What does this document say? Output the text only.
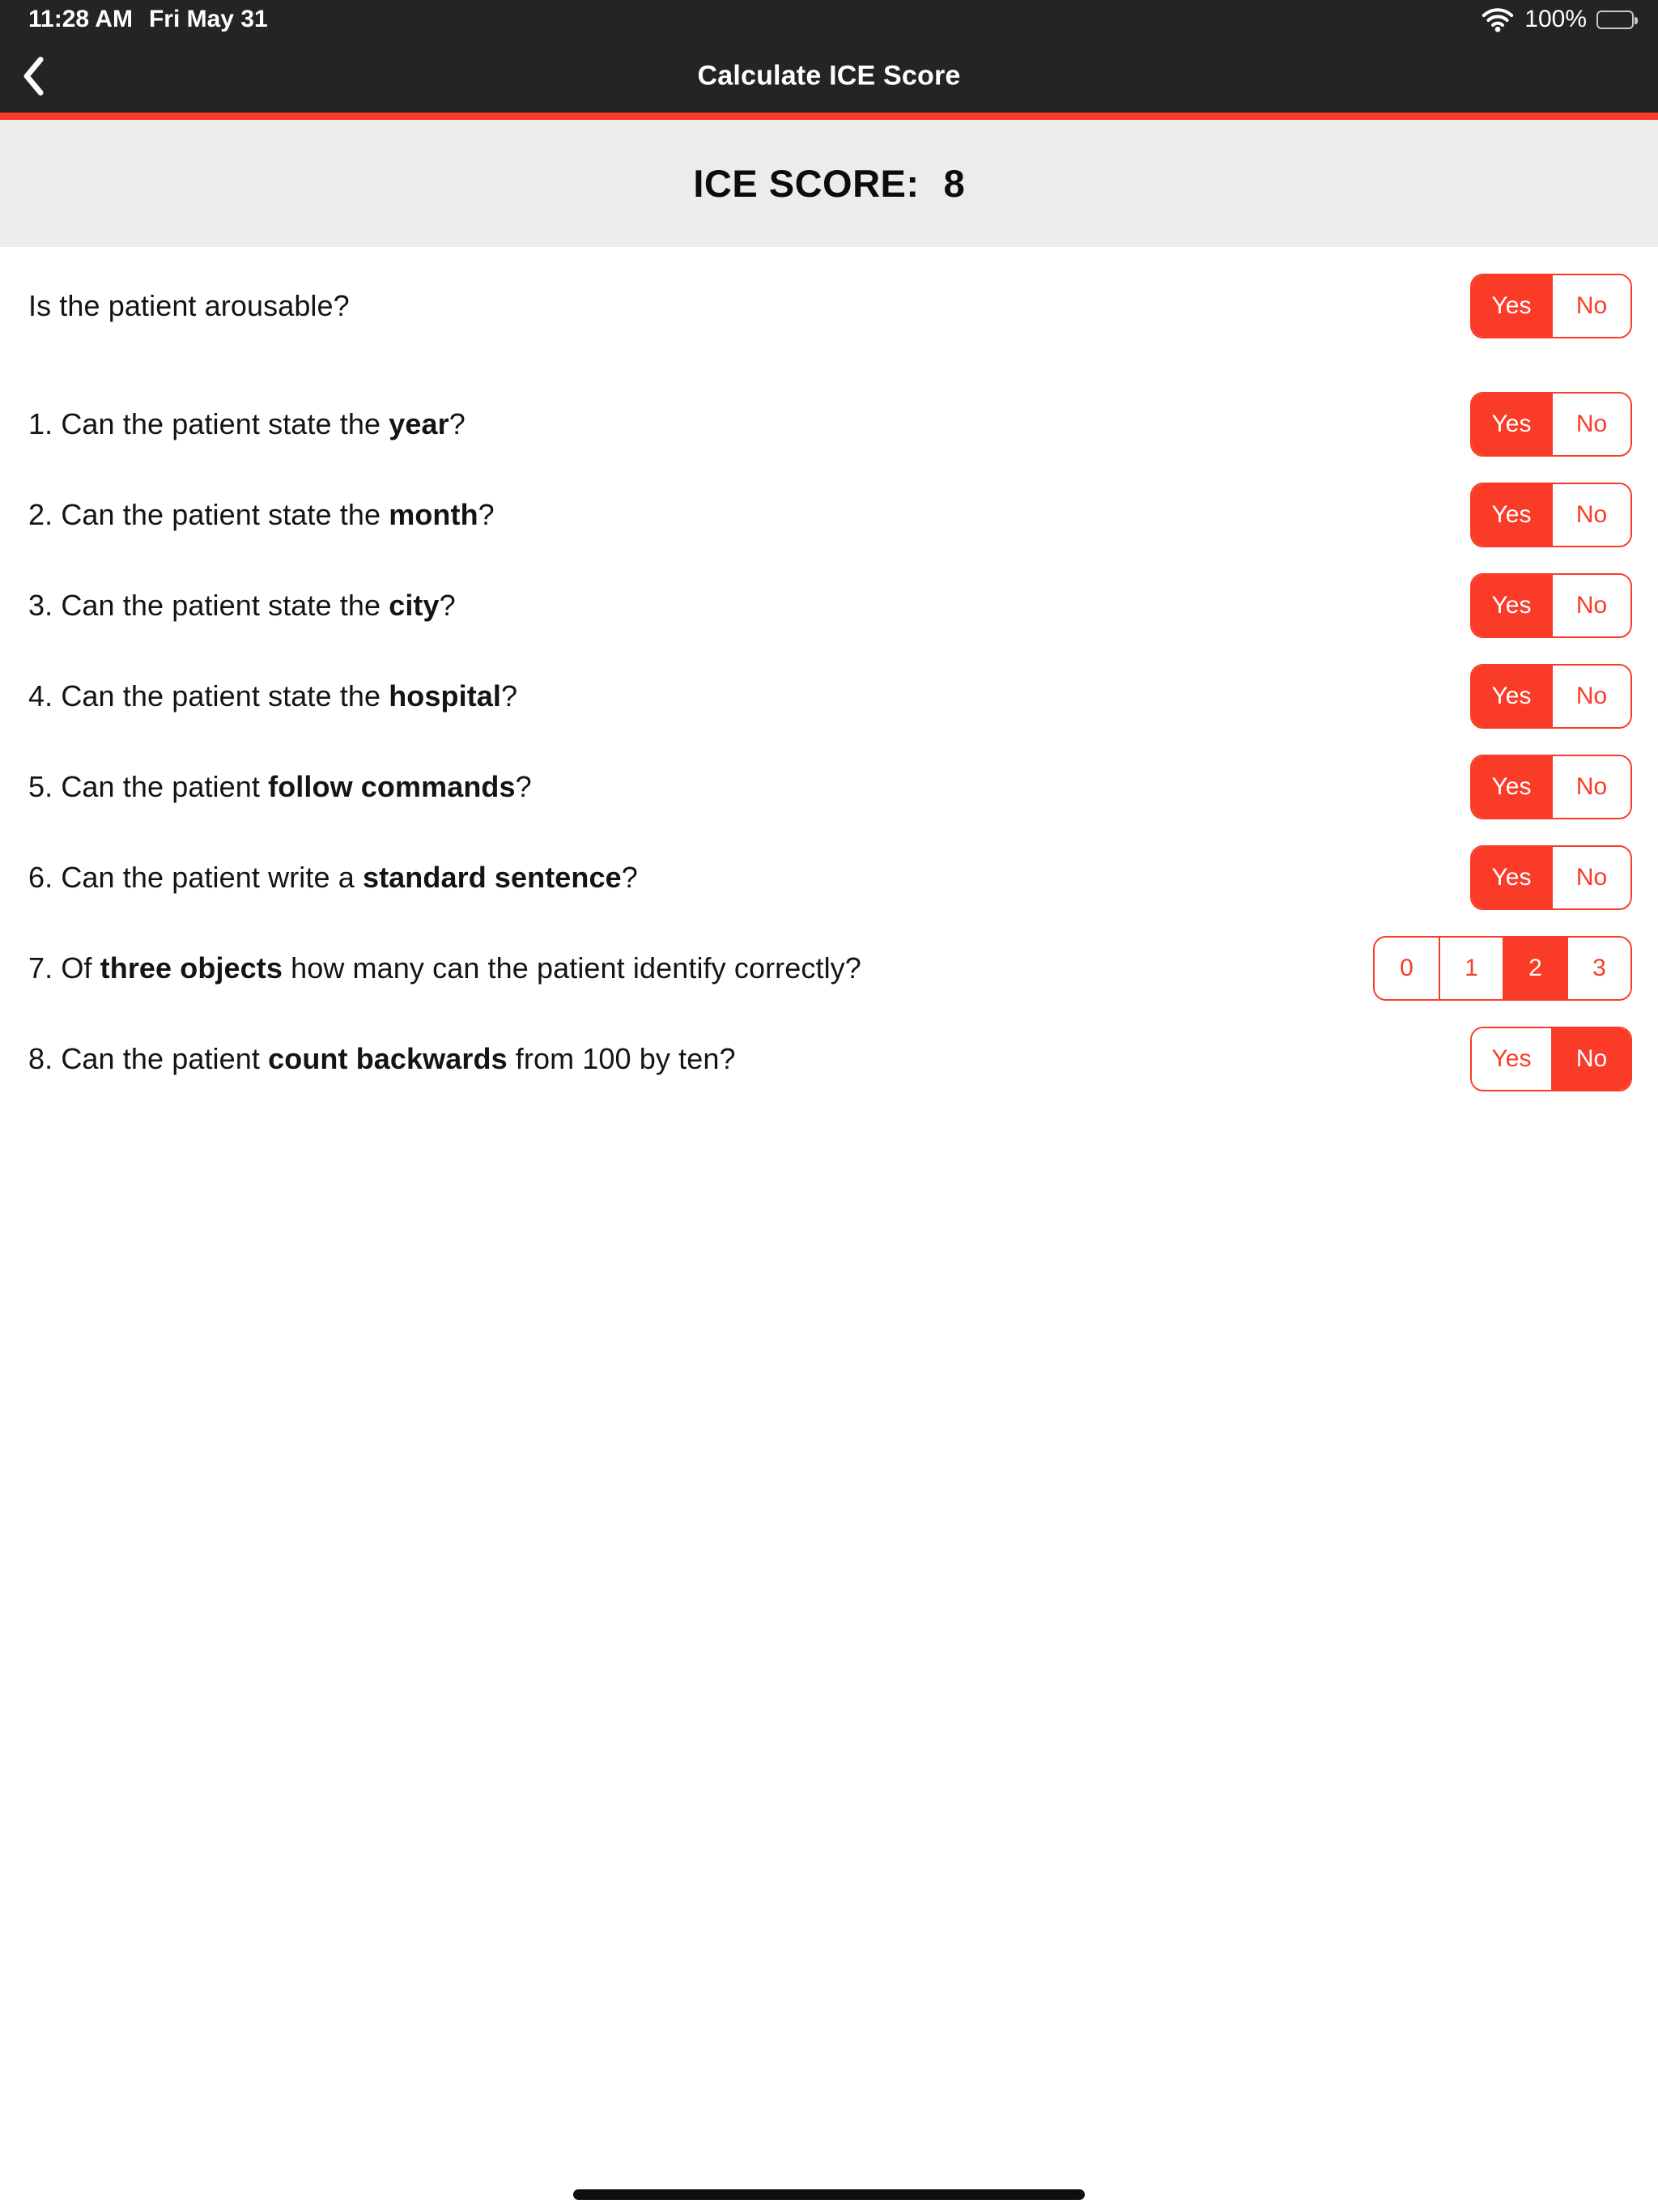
11:28 AM Fri May 31	100%
Calculate ICE Score
ICE SCORE: 8
Is the patient arousable?	Yes	No
1. Can the patient state the year?	Yes	No
2. Can the patient state the month?	Yes	No
3. Can the patient state the city?	Yes	No
4. Can the patient state the hospital?	Yes	No
5. Can the patient follow commands?	Yes	No
6. Can the patient write a standard sentence?	Yes	No
7. Of three objects how many can the patient identify correctly?	0	1	2	3
8. Can the patient count backwards from 100 by ten?	Yes	No
